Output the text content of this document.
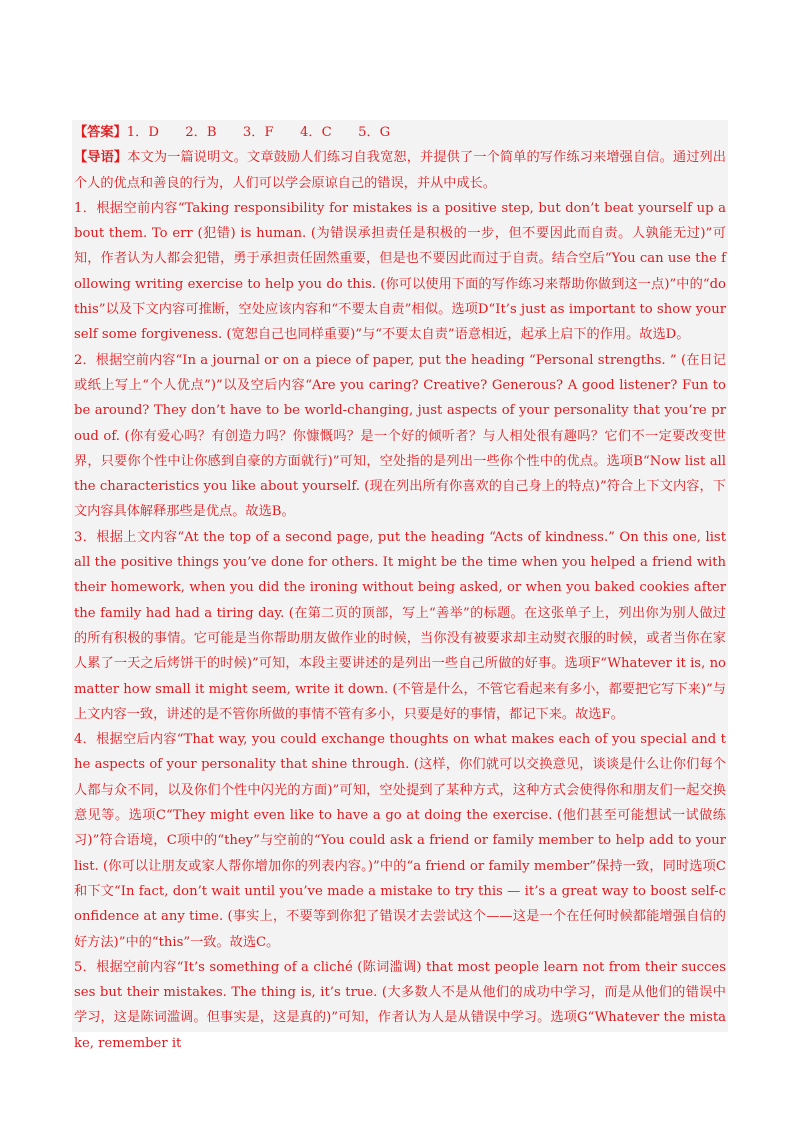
【答案】1．D　　2．B　　3．F　　4．C　　5．G

【导语】本文为一篇说明文。文章鼓励人们练习自我宽恕，并提供了一个简单的写作练习来增强自信。通过列出个人的优点和善良的行为，人们可以学会原谅自己的错误，并从中成长。

1．根据空前内容“Taking responsibility for mistakes is a positive step, but don’t beat yourself up about them. To err (犯错) is human. (为错误承担责任是积极的一步，但不要因此而自责。人孰能无过)”可知，作者认为人都会犯错，勇于承担责任固然重要，但是也不要因此而过于自责。结合空后“You can use the following writing exercise to help you do this. (你可以使用下面的写作练习来帮助你做到这一点)”中的“do this”以及下文内容可推断，空处应该内容和“不要太自责”相似。选项D“It’s just as important to show yourself some forgiveness. (宽恕自己也同样重要)”与“不要太自责”语意相近，起承上启下的作用。故选D。

2．根据空前内容“In a journal or on a piece of paper, put the heading “Personal strengths. ” (在日记或纸上写上“个人优点”)”以及空后内容“Are you caring? Creative? Generous? A good listener? Fun to be around? They don’t have to be world-changing, just aspects of your personality that you’re proud of. (你有爱心吗？有创造力吗？你慷慨吗？是一个好的倾听者？与人相处很有趣吗？它们不一定要改变世界，只要你个性中让你感到自豪的方面就行)”可知，空处指的是列出一些你个性中的优点。选项B“Now list all the characteristics you like about yourself. (现在列出所有你喜欢的自己身上的特点)”符合上下文内容，下文内容具体解释那些是优点。故选B。

3．根据上文内容“At the top of a second page, put the heading “Acts of kindness.” On this one, list all the positive things you’ve done for others. It might be the time when you helped a friend with their homework, when you did the ironing without being asked, or when you baked cookies after the family had had a tiring day. (在第二页的顶部，写上“善举”的标题。在这张单子上，列出你为别人做过的所有积极的事情。它可能是当你帮助朋友做作业的时候，当你没有被要求却主动熨衣服的时候，或者当你在家人累了一天之后烤饼干的时候)”可知，本段主要讲述的是列出一些自己所做的好事。选项F“Whatever it is, no matter how small it might seem, write it down. (不管是什么，不管它看起来有多小，都要把它写下来)”与上文内容一致，讲述的是不管你所做的事情不管有多小，只要是好的事情，都记下来。故选F。

4．根据空后内容“That way, you could exchange thoughts on what makes each of you special and the aspects of your personality that shine through. (这样，你们就可以交换意见，谈谈是什么让你们每个人都与众不同，以及你们个性中闪光的方面)”可知，空处提到了某种方式，这种方式会使得你和朋友们一起交换意见等。选项C“They might even like to have a go at doing the exercise. (他们甚至可能想试一试做练习)”符合语境，C项中的“they”与空前的“You could ask a friend or family member to help add to your list. (你可以让朋友或家人帮你增加你的列表内容。)”中的“a friend or family member”保持一致，同时选项C和下文“In fact, don’t wait until you’ve made a mistake to try this — it’s a great way to boost self-confidence at any time. (事实上，不要等到你犯了错误才去尝试这个——这是一个在任何时候都能增强自信的好方法)”中的“this”一致。故选C。

5．根据空前内容“It’s something of a cliché (陈词滥调) that most people learn not from their successes but their mistakes. The thing is, it’s true. (大多数人不是从他们的成功中学习，而是从他们的错误中学习，这是陈词滥调。但事实是，这是真的)”可知，作者认为人是从错误中学习。选项G“Whatever the mistake, remember it
